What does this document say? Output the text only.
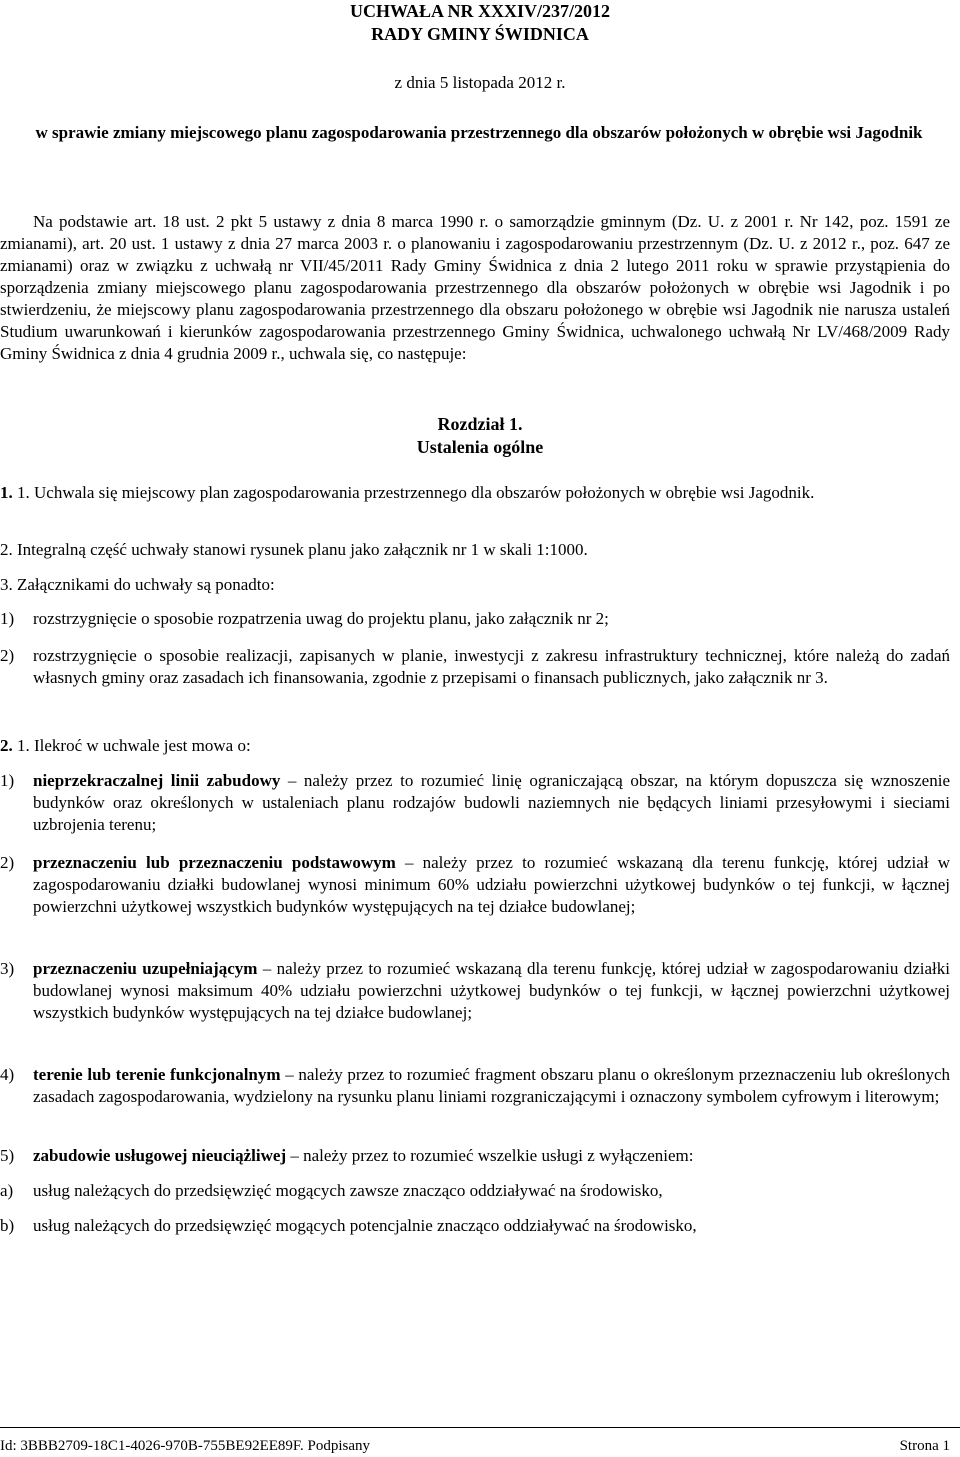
UCHWAŁA NR XXXIV/237/2012
RADY GMINY ŚWIDNICA
z dnia 5 listopada 2012 r.
w sprawie zmiany miejscowego planu zagospodarowania przestrzennego dla obszarów położonych w obrębie wsi Jagodnik
Na podstawie art. 18 ust. 2 pkt 5 ustawy z dnia 8 marca 1990 r. o samorządzie gminnym (Dz. U. z 2001 r. Nr 142, poz. 1591 ze zmianami), art. 20 ust. 1 ustawy z dnia 27 marca 2003 r. o planowaniu i zagospodarowaniu przestrzennym (Dz. U. z 2012 r., poz. 647 ze zmianami) oraz w związku z uchwałą nr VII/45/2011 Rady Gminy Świdnica z dnia 2 lutego 2011 roku w sprawie przystąpienia do sporządzenia zmiany miejscowego planu zagospodarowania przestrzennego dla obszarów położonych w obrębie wsi Jagodnik i po stwierdzeniu, że miejscowy planu zagospodarowania przestrzennego dla obszaru położonego w obrębie wsi Jagodnik nie narusza ustaleń Studium uwarunkowań i kierunków zagospodarowania przestrzennego Gminy Świdnica, uchwalonego uchwałą Nr LV/468/2009 Rady Gminy Świdnica z dnia 4 grudnia 2009 r., uchwala się, co następuje:
Rozdział 1.
Ustalenia ogólne
1. 1. Uchwala się miejscowy plan zagospodarowania przestrzennego dla obszarów położonych w obrębie wsi Jagodnik.
2. Integralną część uchwały stanowi rysunek planu jako załącznik nr 1 w skali 1:1000.
3. Załącznikami do uchwały są ponadto:
1) rozstrzygnięcie o sposobie rozpatrzenia uwag do projektu planu, jako załącznik nr 2;
2) rozstrzygnięcie o sposobie realizacji, zapisanych w planie, inwestycji z zakresu infrastruktury technicznej, które należą do zadań własnych gminy oraz zasadach ich finansowania, zgodnie z przepisami o finansach publicznych, jako załącznik nr 3.
2. 1. Ilekroć w uchwale jest mowa o:
1) nieprzekraczalnej linii zabudowy – należy przez to rozumieć linię ograniczającą obszar, na którym dopuszcza się wznoszenie budynków oraz określonych w ustaleniach planu rodzajów budowli naziemnych nie będących liniami przesyłowymi i sieciami uzbrojenia terenu;
2) przeznaczeniu lub przeznaczeniu podstawowym – należy przez to rozumieć wskazaną dla terenu funkcję, której udział w zagospodarowaniu działki budowlanej wynosi minimum 60% udziału powierzchni użytkowej budynków o tej funkcji, w łącznej powierzchni użytkowej wszystkich budynków występujących na tej działce budowlanej;
3) przeznaczeniu uzupełniającym – należy przez to rozumieć wskazaną dla terenu funkcję, której udział w zagospodarowaniu działki budowlanej wynosi maksimum 40% udziału powierzchni użytkowej budynków o tej funkcji, w łącznej powierzchni użytkowej wszystkich budynków występujących na tej działce budowlanej;
4) terenie lub terenie funkcjonalnym – należy przez to rozumieć fragment obszaru planu o określonym przeznaczeniu lub określonych zasadach zagospodarowania, wydzielony na rysunku planu liniami rozgraniczającymi i oznaczony symbolem cyfrowym i literowym;
5) zabudowie usługowej nieuciążliwej – należy przez to rozumieć wszelkie usługi z wyłączeniem:
a) usług należących do przedsięwzięć mogących zawsze znacząco oddziaływać na środowisko,
b) usług należących do przedsięwzięć mogących potencjalnie znacząco oddziaływać na środowisko,
Id: 3BBB2709-18C1-4026-970B-755BE92EE89F. Podpisany	Strona 1
